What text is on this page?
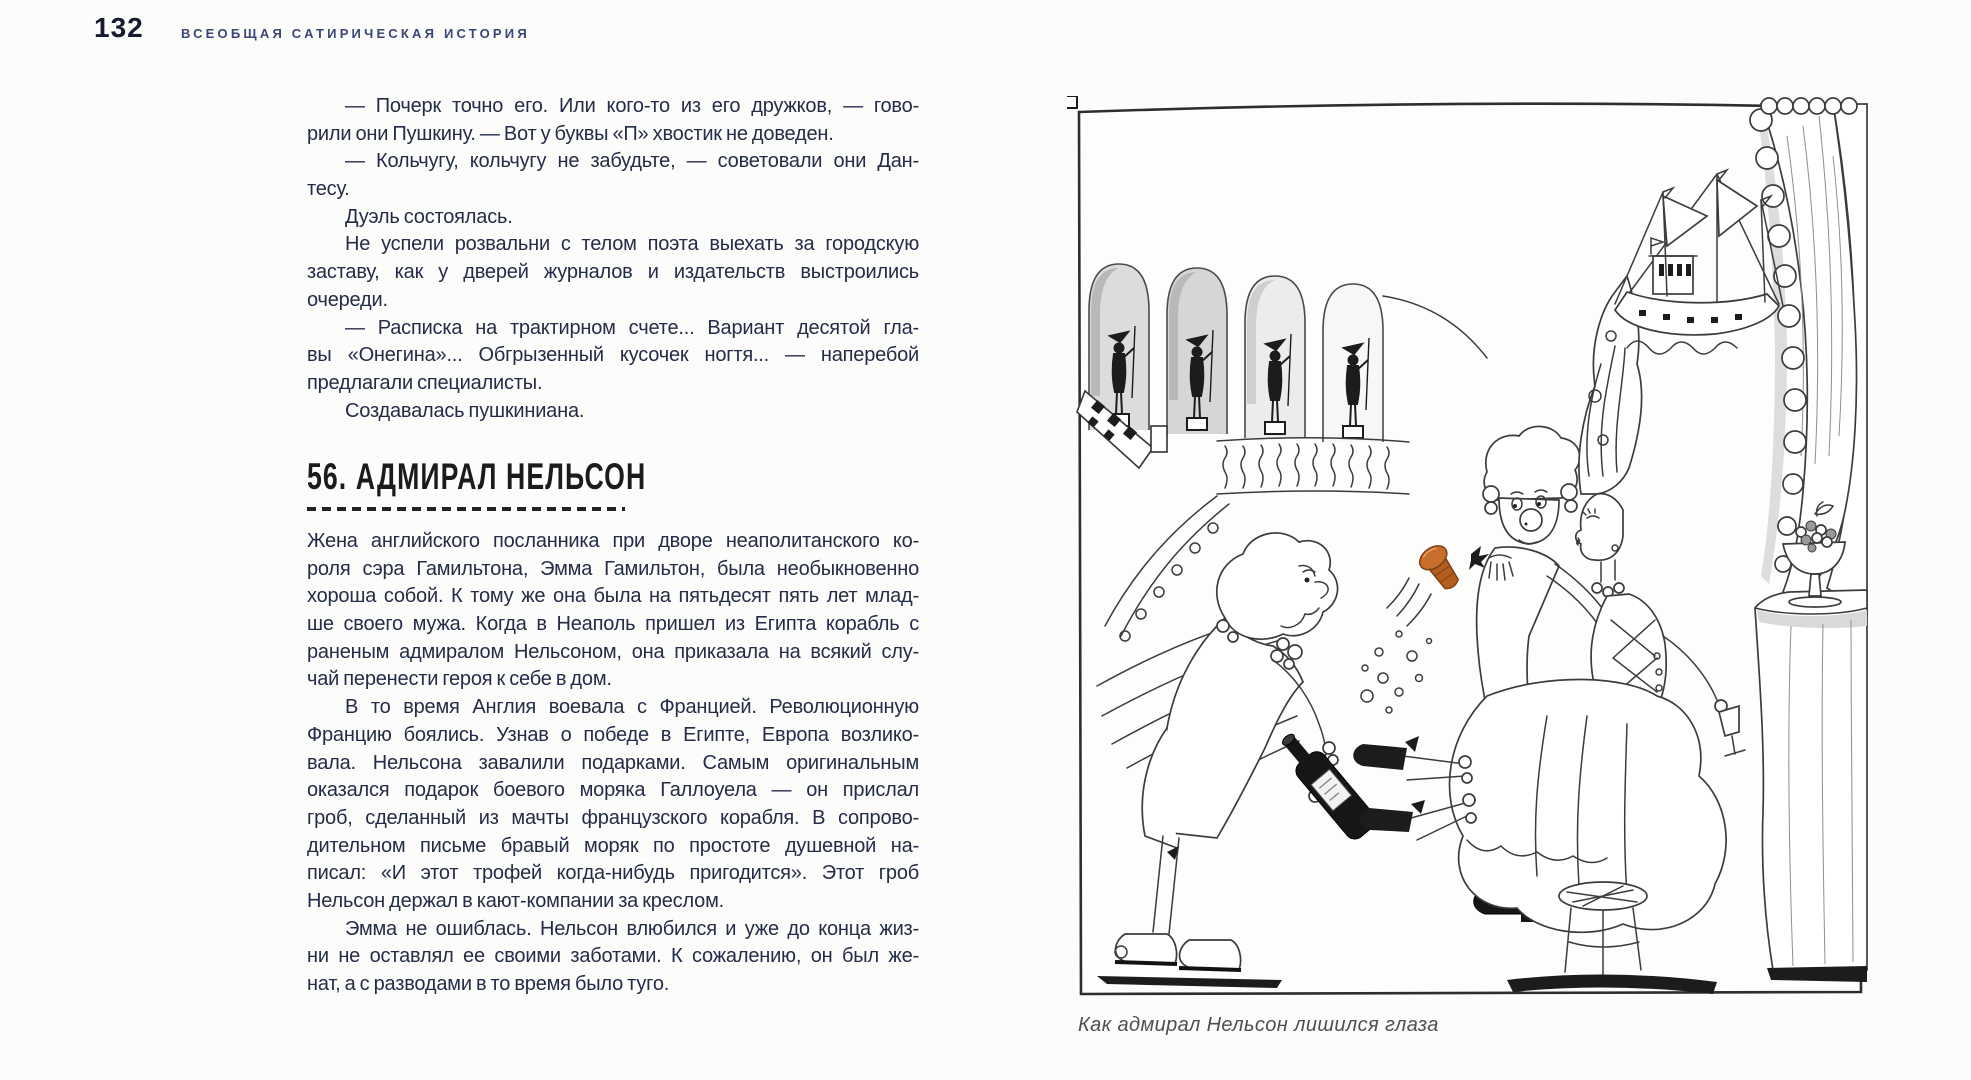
132	ВСЕОБЩАЯ САТИРИЧЕСКАЯ ИСТОРИЯ
— Почерк точно его. Или кого-то из его дружков, — гово-
рили они Пушкину. — Вот у буквы «П» хвостик не доведен.
— Кольчугу, кольчугу не забудьте, — советовали они Дан-
тесу.
Дуэль состоялась.
Не успели розвальни с телом поэта выехать за городскую
заставу, как у дверей журналов и издательств выстроились
очереди.
— Расписка на трактирном счете... Вариант десятой гла-
вы «Онегина»... Обгрызенный кусочек ногтя... — наперебой
предлагали специалисты.
Создавалась пушкиниана.
56. АДМИРАЛ НЕЛЬСОН
Жена английского посланника при дворе неаполитанского ко-
роля сэра Гамильтона, Эмма Гамильтон, была необыкновенно
хороша собой. К тому же она была на пятьдесят пять лет млад-
ше своего мужа. Когда в Неаполь пришел из Египта корабль с
раненым адмиралом Нельсоном, она приказала на всякий слу-
чай перенести героя к себе в дом.
В то время Англия воевала с Францией. Революционную
Францию боялись. Узнав о победе в Египте, Европа возлико-
вала. Нельсона завалили подарками. Самым оригинальным
оказался подарок боевого моряка Галлоуела — он прислал
гроб, сделанный из мачты французского корабля. В сопрово-
дительном письме бравый моряк по простоте душевной на-
писал: «И этот трофей когда-нибудь пригодится». Этот гроб
Нельсон держал в кают-компании за креслом.
Эмма не ошиблась. Нельсон влюбился и уже до конца жиз-
ни не оставлял ее своими заботами. К сожалению, он был же-
нат, а с разводами в то время было туго.
Как адмирал Нельсон лишился глаза
